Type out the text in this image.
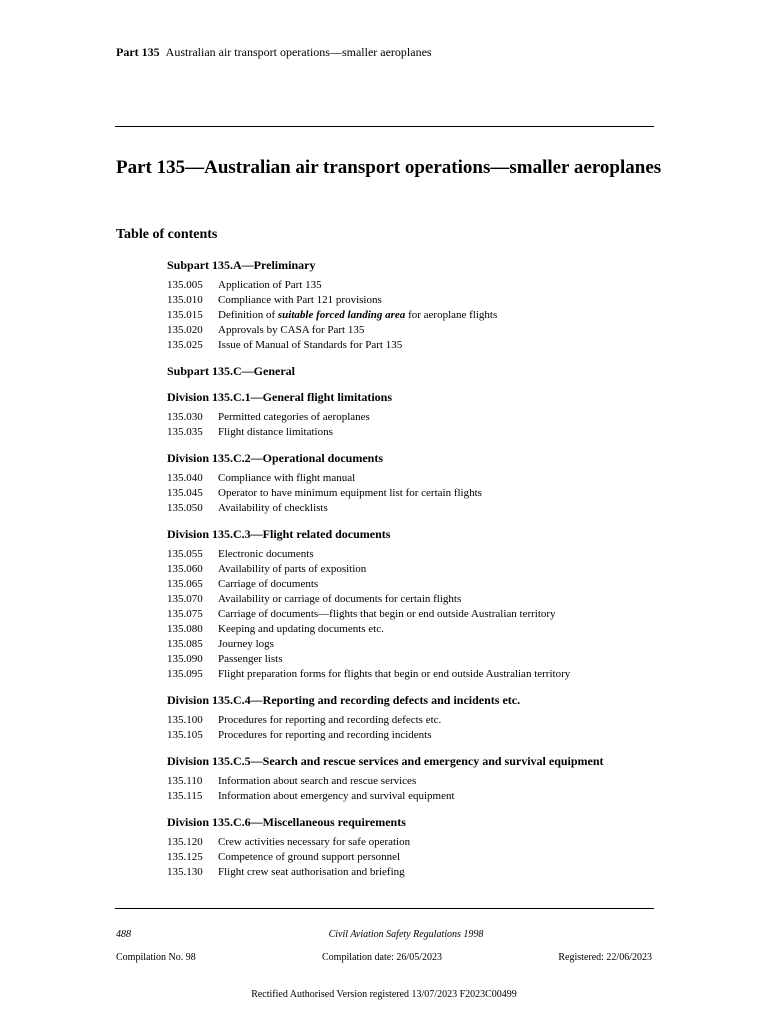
Part 135 Australian air transport operations—smaller aeroplanes
Part 135—Australian air transport operations—smaller aeroplanes
Table of contents
Subpart 135.A—Preliminary
135.005	Application of Part 135
135.010	Compliance with Part 121 provisions
135.015	Definition of suitable forced landing area for aeroplane flights
135.020	Approvals by CASA for Part 135
135.025	Issue of Manual of Standards for Part 135
Subpart 135.C—General
Division 135.C.1—General flight limitations
135.030	Permitted categories of aeroplanes
135.035	Flight distance limitations
Division 135.C.2—Operational documents
135.040	Compliance with flight manual
135.045	Operator to have minimum equipment list for certain flights
135.050	Availability of checklists
Division 135.C.3—Flight related documents
135.055	Electronic documents
135.060	Availability of parts of exposition
135.065	Carriage of documents
135.070	Availability or carriage of documents for certain flights
135.075	Carriage of documents—flights that begin or end outside Australian territory
135.080	Keeping and updating documents etc.
135.085	Journey logs
135.090	Passenger lists
135.095	Flight preparation forms for flights that begin or end outside Australian territory
Division 135.C.4—Reporting and recording defects and incidents etc.
135.100	Procedures for reporting and recording defects etc.
135.105	Procedures for reporting and recording incidents
Division 135.C.5—Search and rescue services and emergency and survival equipment
135.110	Information about search and rescue services
135.115	Information about emergency and survival equipment
Division 135.C.6—Miscellaneous requirements
135.120	Crew activities necessary for safe operation
135.125	Competence of ground support personnel
135.130	Flight crew seat authorisation and briefing
488	Civil Aviation Safety Regulations 1998
Compilation No. 98	Compilation date: 26/05/2023	Registered: 22/06/2023
Rectified Authorised Version registered 13/07/2023 F2023C00499
